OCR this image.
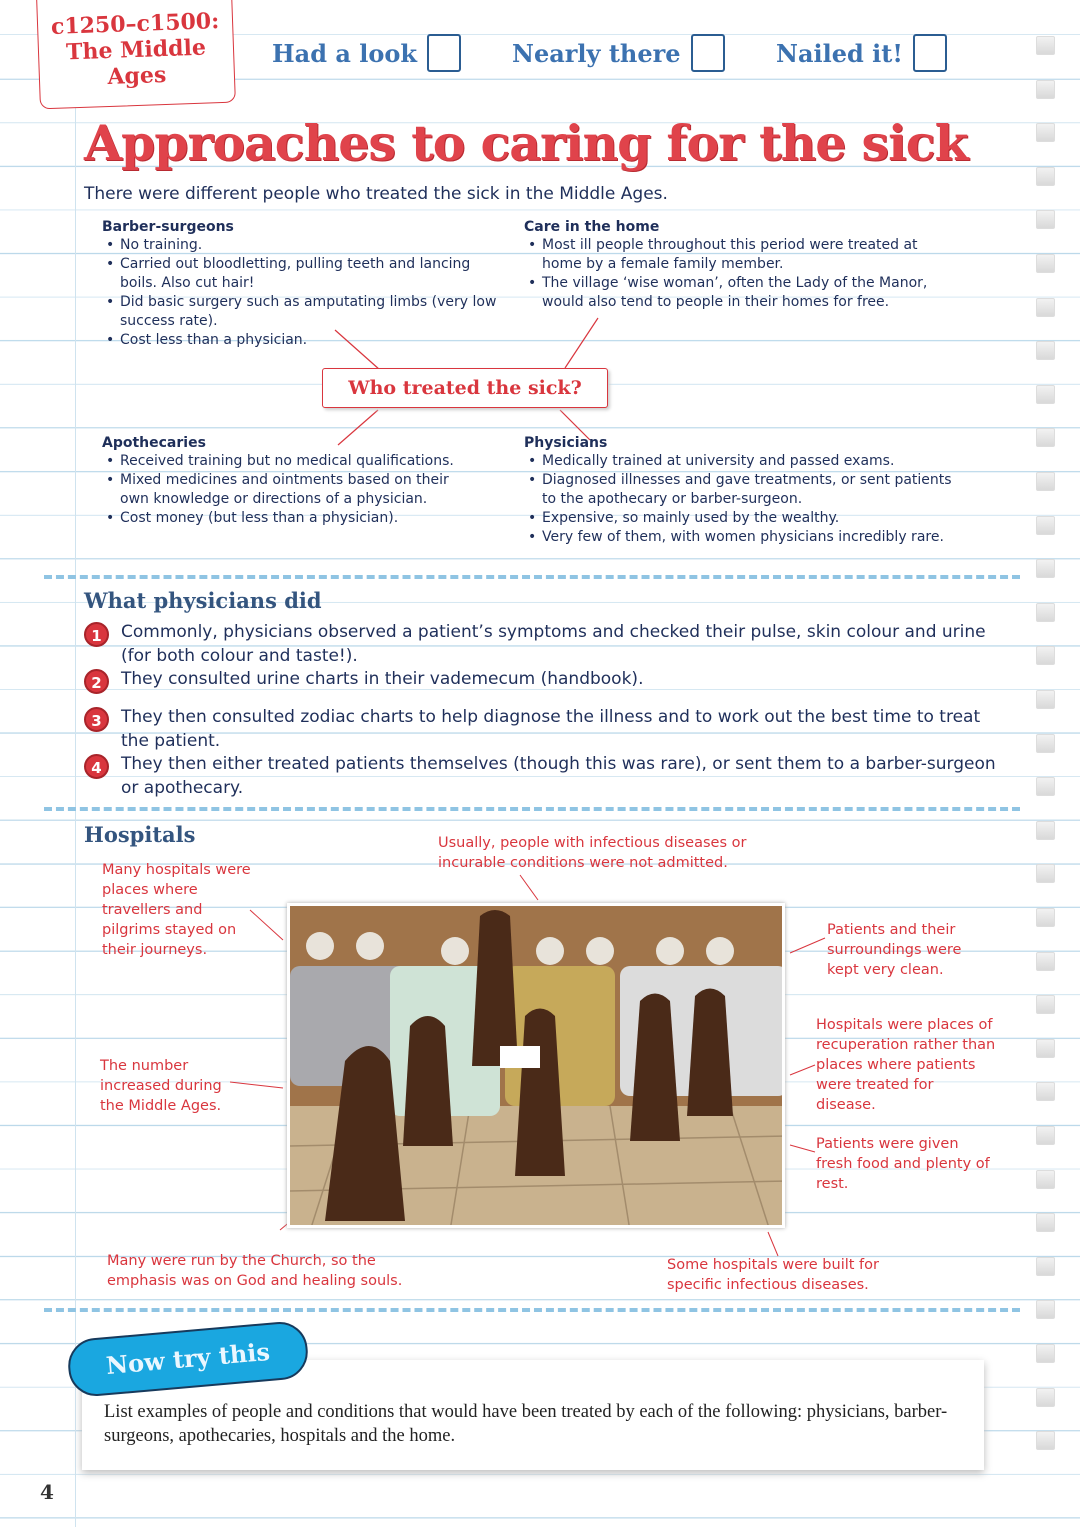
c1250–c1500:
The Middle
Ages
Had a look	Nearly there	Nailed it!
Approaches to caring for the sick
There were different people who treated the sick in the Middle Ages.
Barber-surgeons
• No training.
• Carried out bloodletting, pulling teeth and lancing boils. Also cut hair!
• Did basic surgery such as amputating limbs (very low success rate).
• Cost less than a physician.
Care in the home
• Most ill people throughout this period were treated at home by a female family member.
• The village ‘wise woman’, often the Lady of the Manor, would also tend to people in their homes for free.
Who treated the sick?
Apothecaries
• Received training but no medical qualifications.
• Mixed medicines and ointments based on their own knowledge or directions of a physician.
• Cost money (but less than a physician).
Physicians
• Medically trained at university and passed exams.
• Diagnosed illnesses and gave treatments, or sent patients to the apothecary or barber-surgeon.
• Expensive, so mainly used by the wealthy.
• Very few of them, with women physicians incredibly rare.
What physicians did
1	Commonly, physicians observed a patient’s symptoms and checked their pulse, skin colour and urine (for both colour and taste!).
2	They consulted urine charts in their vademecum (handbook).
3	They then consulted zodiac charts to help diagnose the illness and to work out the best time to treat the patient.
4	They then either treated patients themselves (though this was rare), or sent them to a barber-surgeon or apothecary.
Hospitals
Many hospitals were places where travellers and pilgrims stayed on their journeys.
Usually, people with infectious diseases or incurable conditions were not admitted.
Patients and their surroundings were kept very clean.
The number increased during the Middle Ages.
Hospitals were places of recuperation rather than places where patients were treated for disease.
Patients were given fresh food and plenty of rest.
Many were run by the Church, so the emphasis was on God and healing souls.
Some hospitals were built for specific infectious diseases.
Now try this
List examples of people and conditions that would have been treated by each of the following: physicians, barber-surgeons, apothecaries, hospitals and the home.
4
